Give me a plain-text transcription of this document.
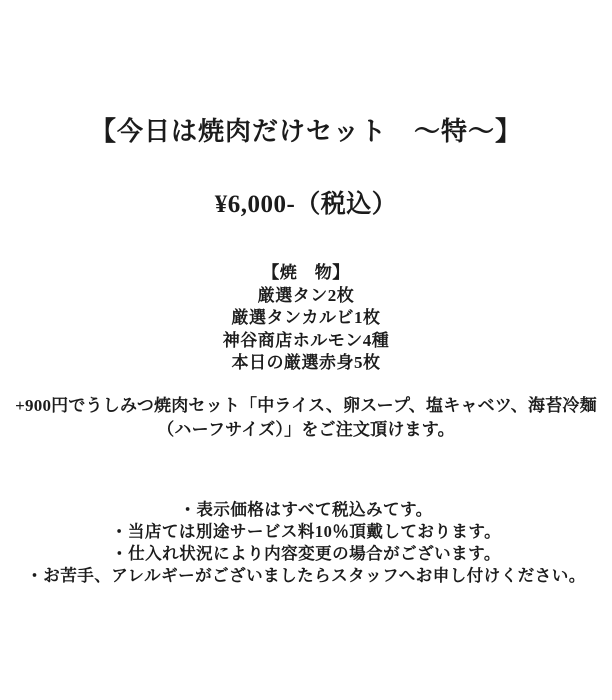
【今日は焼肉だけセット　～特～】
¥6,000-（税込）
【焼　物】
厳選タン2枚
厳選タンカルビ1枚
神谷商店ホルモン4種
本日の厳選赤身5枚

+900円でうしみつ焼肉セット「中ライス、卵スープ、塩キャベツ、海苔冷麺
（ハーフサイズ）」をご注文頂けます。

・表示価格はすべて税込みてす。
・当店ては別途サービス料10％頂戴しております。
・仕入れ状況により内容変更の場合がございます。
・お苦手、アレルギーがございましたらスタッフへお申し付けください。
